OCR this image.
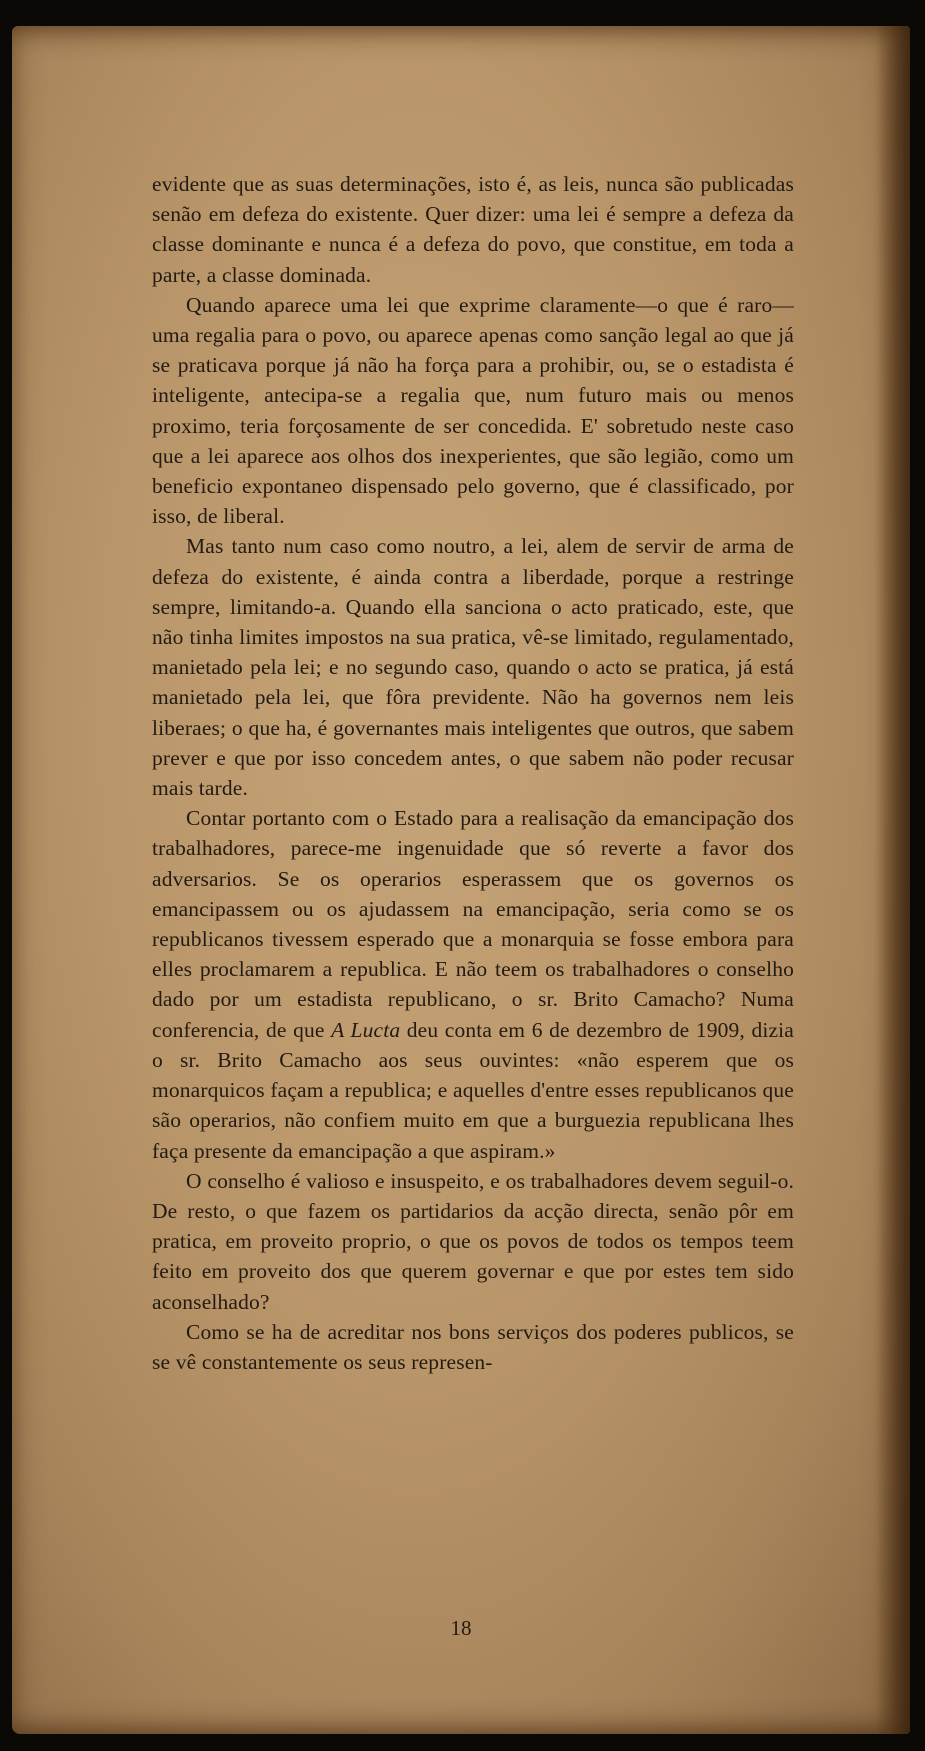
evidente que as suas determinações, isto é, as leis, nunca são publicadas senão em defeza do existente. Quer dizer: uma lei é sempre a defeza da classe dominante e nunca é a defeza do povo, que constitue, em toda a parte, a classe dominada.

Quando aparece uma lei que exprime claramente—o que é raro—uma regalia para o povo, ou aparece apenas como sanção legal ao que já se praticava porque já não ha força para a prohibir, ou, se o estadista é inteligente, antecipa-se a regalia que, num futuro mais ou menos proximo, teria forçosamente de ser concedida. E' sobretudo neste caso que a lei aparece aos olhos dos inexperientes, que são legião, como um beneficio expontaneo dispensado pelo governo, que é classificado, por isso, de liberal.

Mas tanto num caso como noutro, a lei, alem de servir de arma de defeza do existente, é ainda contra a liberdade, porque a restringe sempre, limitando-a. Quando ella sanciona o acto praticado, este, que não tinha limites impostos na sua pratica, vê-se limitado, regulamentado, manietado pela lei; e no segundo caso, quando o acto se pratica, já está manietado pela lei, que fôra previdente. Não ha governos nem leis liberaes; o que ha, é governantes mais inteligentes que outros, que sabem prever e que por isso concedem antes, o que sabem não poder recusar mais tarde.

Contar portanto com o Estado para a realisação da emancipação dos trabalhadores, parece-me ingenuidade que só reverte a favor dos adversarios. Se os operarios esperassem que os governos os emancipassem ou os ajudassem na emancipação, seria como se os republicanos tivessem esperado que a monarquia se fosse embora para elles proclamarem a republica. E não teem os trabalhadores o conselho dado por um estadista republicano, o sr. Brito Camacho? Numa conferencia, de que A Lucta deu conta em 6 de dezembro de 1909, dizia o sr. Brito Camacho aos seus ouvintes: «não esperem que os monarquicos façam a republica; e aquelles d'entre esses republicanos que são operarios, não confiem muito em que a burguezia republicana lhes faça presente da emancipação a que aspiram.»

O conselho é valioso e insuspeito, e os trabalhadores devem seguil-o. De resto, o que fazem os partidarios da acção directa, senão pôr em pratica, em proveito proprio, o que os povos de todos os tempos teem feito em proveito dos que querem governar e que por estes tem sido aconselhado?

Como se ha de acreditar nos bons serviços dos poderes publicos, se se vê constantemente os seus represen-

18
